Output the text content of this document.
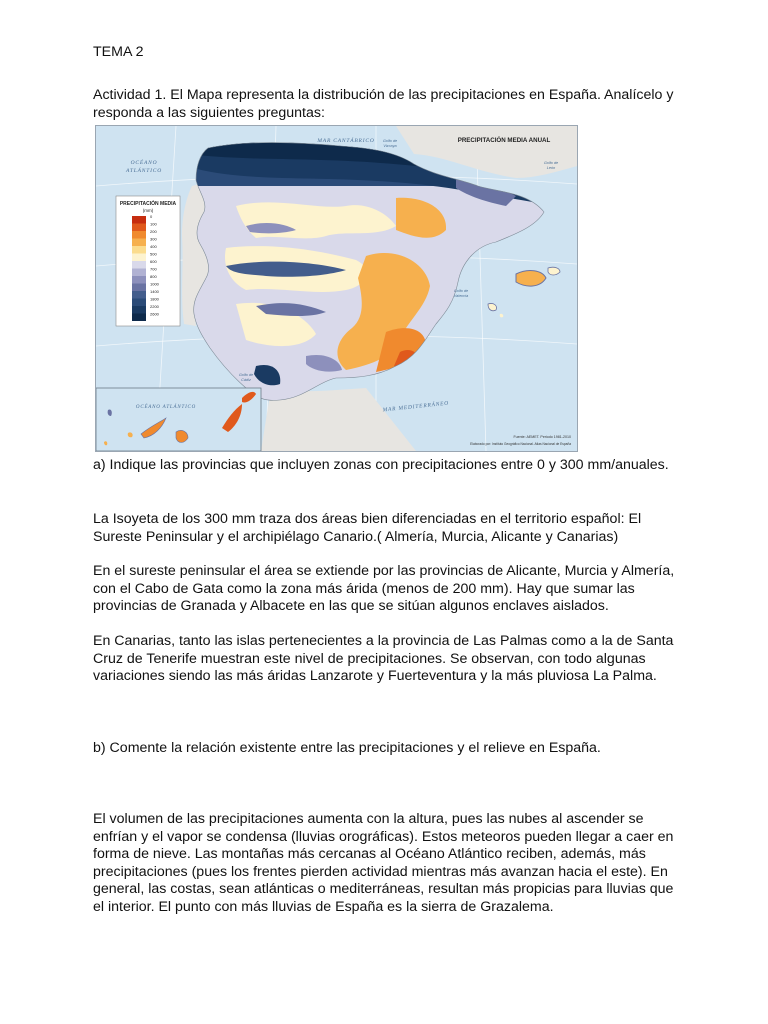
TEMA 2

Actividad 1. El Mapa representa la distribución de las precipitaciones en España. Analícelo y responda a las siguientes preguntas:

PRECIPITACIÓN MEDIA
(mm)
0
100
200
300
400
500
600
700
800
1000
1400
1800
2200
2600
MAR CANTÁBRICO
OCÉANO
ATLÁNTICO
MAR MEDITERRÁNEO
Golfo de
Vizcaya
Golfo de
León
Golfo de
Valencia
Golfo de
Cádiz
PRECIPITACIÓN MEDIA ANUAL
OCÉANO ATLÁNTICO
Fuente: AEMET. Periodo 1981-2010
Elaborado por: Instituto Geográfico Nacional. Atlas Nacional de España

a) Indique las provincias que incluyen zonas con precipitaciones entre 0 y 300 mm/anuales.

La Isoyeta de los 300 mm traza dos áreas bien diferenciadas en el territorio español: El Sureste Peninsular y el archipiélago Canario.( Almería, Murcia, Alicante y Canarias)

En el sureste peninsular el área se extiende por las provincias de Alicante, Murcia y Almería, con el Cabo de Gata como la zona más árida (menos de 200 mm). Hay que sumar las provincias de Granada y Albacete en las que se sitúan algunos enclaves aislados.

En Canarias, tanto las islas pertenecientes a la provincia de Las Palmas como a la de Santa Cruz de Tenerife muestran este nivel de precipitaciones. Se observan, con todo algunas variaciones siendo las más áridas Lanzarote y Fuerteventura y la más pluviosa La Palma.

b) Comente la relación existente entre las precipitaciones y el relieve en España.

El volumen de las precipitaciones aumenta con la altura, pues las nubes al ascender se enfrían y el vapor se condensa (lluvias orográficas). Estos meteoros pueden llegar a caer en forma de nieve. Las montañas más cercanas al Océano Atlántico reciben, además, más precipitaciones (pues los frentes pierden actividad mientras más avanzan hacia el este). En general, las costas, sean atlánticas o mediterráneas, resultan más propicias para lluvias que el interior. El punto con más lluvias de España es la sierra de Grazalema.
